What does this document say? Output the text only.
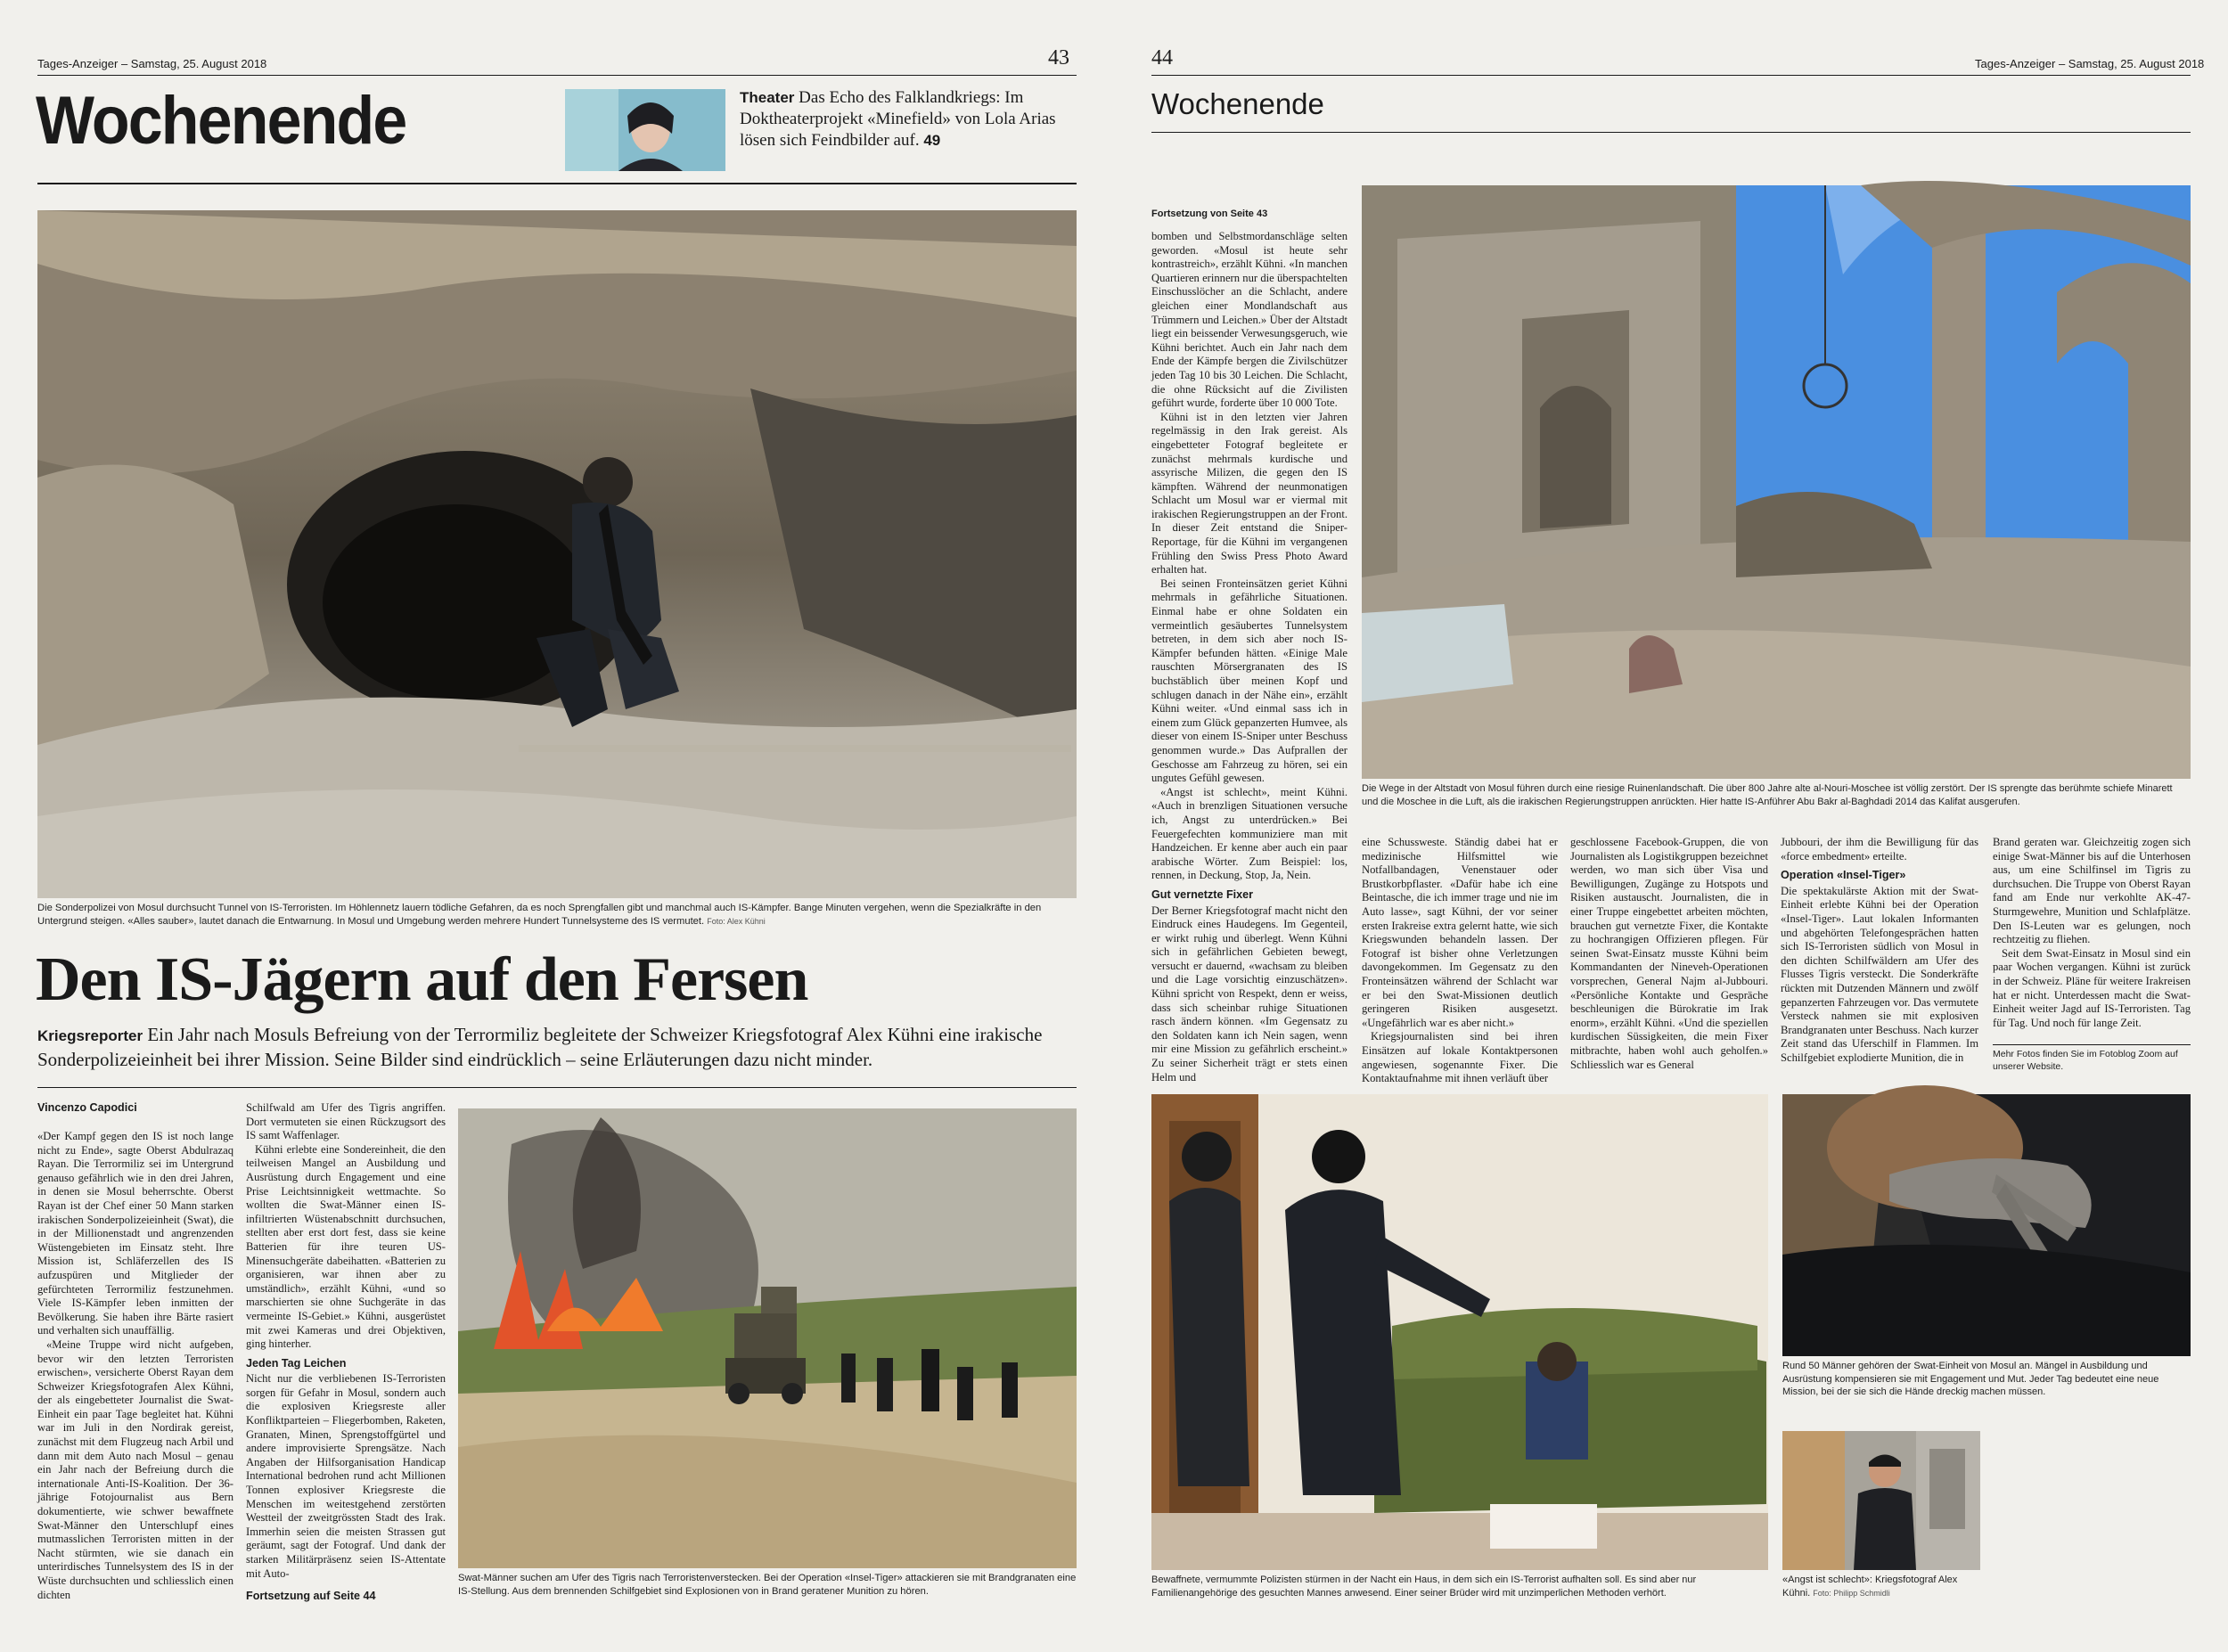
Tages-Anzeiger – Samstag, 25. August 2018	43
Wochenende	Theater Das Echo des Falklandkriegs: Im Doktheaterprojekt «Minefield» von Lola Arias lösen sich Feindbilder auf. 49
Die Sonderpolizei von Mosul durchsucht Tunnel von IS-Terroristen. Im Höhlennetz lauern tödliche Gefahren, da es noch Sprengfallen gibt und manchmal auch IS-Kämpfer. Bange Minuten vergehen, wenn die Spezialkräfte in den Untergrund steigen. «Alles sauber», lautet danach die Entwarnung. In Mosul und Umgebung werden mehrere Hundert Tunnelsysteme des IS vermutet. Foto: Alex Kühni
Den IS-Jägern auf den Fersen
Kriegsreporter Ein Jahr nach Mosuls Befreiung von der Terrormiliz begleitete der Schweizer Kriegsfotograf Alex Kühni eine irakische Sonderpolizeieinheit bei ihrer Mission. Seine Bilder sind eindrücklich – seine Erläuterungen dazu nicht minder.
Vincenzo Capodici

«Der Kampf gegen den IS ist noch lange nicht zu Ende», sagte Oberst Abdulrazaq Rayan. Die Terrormiliz sei im Untergrund genauso gefährlich wie in den drei Jahren, in denen sie Mosul beherrschte. Oberst Rayan ist der Chef einer 50 Mann starken irakischen Sonderpolizeieinheit (Swat), die in der Millionenstadt und angrenzenden Wüstengebieten im Einsatz steht. Ihre Mission ist, Schläferzellen des IS aufzuspüren und Mitglieder der gefürchteten Terrormiliz festzunehmen. Viele IS-Kämpfer leben inmitten der Bevölkerung. Sie haben ihre Bärte rasiert und verhalten sich unauffällig.

«Meine Truppe wird nicht aufgeben, bevor wir den letzten Terroristen erwischen», versicherte Oberst Rayan dem Schweizer Kriegsfotografen Alex Kühni, der als eingebetteter Journalist die Swat-Einheit ein paar Tage begleitet hat. Kühni war im Juli in den Nordirak gereist, zunächst mit dem Flugzeug nach Arbil und dann mit dem Auto nach Mosul – genau ein Jahr nach der Befreiung durch die internationale Anti-IS-Koalition. Der 36-jährige Fotojournalist aus Bern dokumentierte, wie schwer bewaffnete Swat-Männer den Unterschlupf eines mutmasslichen Terroristen mitten in der Nacht stürmten, wie sie danach ein unterirdisches Tunnelsystem des IS in der Wüste durchsuchten und schliesslich einen dichten

Schilfwald am Ufer des Tigris angriffen. Dort vermuteten sie einen Rückzugsort des IS samt Waffenlager.

Kühni erlebte eine Sondereinheit, die den teilweisen Mangel an Ausbildung und Ausrüstung durch Engagement und eine Prise Leichtsinnigkeit wettmachte. So wollten die Swat-Männer einen IS-infiltrierten Wüstenabschnitt durchsuchen, stellten aber erst dort fest, dass sie keine Batterien für ihre teuren US-Minensuchgeräte dabeihatten. «Batterien zu organisieren, war ihnen aber zu umständlich», erzählt Kühni, «und so marschierten sie ohne Suchgeräte in das vermeinte IS-Gebiet.» Kühni, ausgerüstet mit zwei Kameras und drei Objektiven, ging hinterher.

Jeden Tag Leichen

Nicht nur die verbliebenen IS-Terroristen sorgen für Gefahr in Mosul, sondern auch die explosiven Kriegsreste aller Konfliktparteien – Fliegerbomben, Raketen, Granaten, Minen, Sprengstoffgürtel und andere improvisierte Sprengsätze. Nach Angaben der Hilfsorganisation Handicap International bedrohen rund acht Millionen Tonnen explosiver Kriegsreste die Menschen im weitestgehend zerstörten Westteil der zweitgrössten Stadt des Irak. Immerhin seien die meisten Strassen gut geräumt, sagt der Fotograf. Und dank der starken Militärpräsenz seien IS-Attentate mit Auto-

Fortsetzung auf Seite 44
Swat-Männer suchen am Ufer des Tigris nach Terroristenverstecken. Bei der Operation «Insel-Tiger» attackieren sie mit Brandgranaten eine IS-Stellung. Aus dem brennenden Schilfgebiet sind Explosionen von in Brand geratener Munition zu hören.
44	Tages-Anzeiger – Samstag, 25. August 2018
Wochenende
Fortsetzung von Seite 43

bomben und Selbstmordanschläge selten geworden. «Mosul ist heute sehr kontrastreich», erzählt Kühni. «In manchen Quartieren erinnern nur die überspachtelten Einschusslöcher an die Schlacht, andere gleichen einer Mondlandschaft aus Trümmern und Leichen.» Über der Altstadt liegt ein beissender Verwesungsgeruch, wie Kühni berichtet. Auch ein Jahr nach dem Ende der Kämpfe bergen die Zivilschützer jeden Tag 10 bis 30 Leichen. Die Schlacht, die ohne Rücksicht auf die Zivilisten geführt wurde, forderte über 10 000 Tote.

Kühni ist in den letzten vier Jahren regelmässig in den Irak gereist. Als eingebetteter Fotograf begleitete er zunächst mehrmals kurdische und assyrische Milizen, die gegen den IS kämpften. Während der neunmonatigen Schlacht um Mosul war er viermal mit irakischen Regierungstruppen an der Front. In dieser Zeit entstand die Sniper-Reportage, für die Kühni im vergangenen Frühling den Swiss Press Photo Award erhalten hat.

Bei seinen Fronteinsätzen geriet Kühni mehrmals in gefährliche Situationen. Einmal habe er ohne Soldaten ein vermeintlich gesäubertes Tunnelsystem betreten, in dem sich aber noch IS-Kämpfer befunden hätten. «Einige Male rauschten Mörsergranaten des IS buchstäblich über meinen Kopf und schlugen danach in der Nähe ein», erzählt Kühni weiter. «Und einmal sass ich in einem zum Glück gepanzerten Humvee, als dieser von einem IS-Sniper unter Beschuss genommen wurde.» Das Aufprallen der Geschosse am Fahrzeug zu hören, sei ein ungutes Gefühl gewesen.

«Angst ist schlecht», meint Kühni. «Auch in brenzligen Situationen versuche ich, Angst zu unterdrücken.» Bei Feuergefechten kommuniziere man mit Handzeichen. Er kenne aber auch ein paar arabische Wörter. Zum Beispiel: los, rennen, in Deckung, Stop, Ja, Nein.

Gut vernetzte Fixer

Der Berner Kriegsfotograf macht nicht den Eindruck eines Haudegens. Im Gegenteil, er wirkt ruhig und überlegt. Wenn Kühni sich in gefährlichen Gebieten bewegt, versucht er dauernd, «wachsam zu bleiben und die Lage vorsichtig einzuschätzen». Kühni spricht von Respekt, denn er weiss, dass sich scheinbar ruhige Situationen rasch ändern können. «Im Gegensatz zu den Soldaten kann ich Nein sagen, wenn mir eine Mission zu gefährlich erscheint.» Zu seiner Sicherheit trägt er stets einen Helm und

Die Wege in der Altstadt von Mosul führen durch eine riesige Ruinenlandschaft. Die über 800 Jahre alte al-Nouri-Moschee ist völlig zerstört. Der IS sprengte das berühmte schiefe Minarett und die Moschee in die Luft, als die irakischen Regierungstruppen anrückten. Hier hatte IS-Anführer Abu Bakr al-Baghdadi 2014 das Kalifat ausgerufen.

eine Schussweste. Ständig dabei hat er medizinische Hilfsmittel wie Notfallbandagen, Venenstauer oder Brustkorbpflaster. «Dafür habe ich eine Beintasche, die ich immer trage und nie im Auto lasse», sagt Kühni, der vor seiner ersten Irakreise extra gelernt hatte, wie sich Kriegswunden behandeln lassen. Der Fotograf ist bisher ohne Verletzungen davongekommen. Im Gegensatz zu den Fronteinsätzen während der Schlacht war er bei den Swat-Missionen deutlich geringeren Risiken ausgesetzt. «Ungefährlich war es aber nicht.»

Kriegsjournalisten sind bei ihren Einsätzen auf lokale Kontaktpersonen angewiesen, sogenannte Fixer. Die Kontaktaufnahme mit ihnen verläuft über

geschlossene Facebook-Gruppen, die von Journalisten als Logistikgruppen bezeichnet werden, wo man sich über Visa und Bewilligungen, Zugänge zu Hotspots und Risiken austauscht. Journalisten, die in einer Truppe eingebettet arbeiten möchten, brauchen gut vernetzte Fixer, die Kontakte zu hochrangigen Offizieren pflegen. Für seinen Swat-Einsatz musste Kühni beim Kommandanten der Nineveh-Operationen vorsprechen, General Najm al-Jubbouri. «Persönliche Kontakte und Gespräche beschleunigen die Bürokratie im Irak enorm», erzählt Kühni. «Und die speziellen kurdischen Süssigkeiten, die mein Fixer mitbrachte, haben wohl auch geholfen.» Schliesslich war es General

Jubbouri, der ihm die Bewilligung für das «force embedment» erteilte.

Operation «Insel-Tiger»

Die spektakulärste Aktion mit der Swat-Einheit erlebte Kühni bei der Operation «Insel-Tiger». Laut lokalen Informanten und abgehörten Telefongesprächen hatten sich IS-Terroristen südlich von Mosul in den dichten Schilfwäldern am Ufer des Flusses Tigris versteckt. Die Sonderkräfte rückten mit Dutzenden Männern und zwölf gepanzerten Fahrzeugen vor. Das vermutete Versteck nahmen sie mit explosiven Brandgranaten unter Beschuss. Nach kurzer Zeit stand das Uferschilf in Flammen. Im Schilfgebiet explodierte Munition, die in

Brand geraten war. Gleichzeitig zogen sich einige Swat-Männer bis auf die Unterhosen aus, um eine Schilfinsel im Tigris zu durchsuchen. Die Truppe von Oberst Rayan fand am Ende nur verkohlte AK-47-Sturmgewehre, Munition und Schlafplätze. Den IS-Leuten war es gelungen, noch rechtzeitig zu fliehen.

Seit dem Swat-Einsatz in Mosul sind ein paar Wochen vergangen. Kühni ist zurück in der Schweiz. Pläne für weitere Irakreisen hat er nicht. Unterdessen macht die Swat-Einheit weiter Jagd auf IS-Terroristen. Tag für Tag. Und noch für lange Zeit.

Mehr Fotos finden Sie im Fotoblog Zoom auf unserer Website.
Bewaffnete, vermummte Polizisten stürmen in der Nacht ein Haus, in dem sich ein IS-Terrorist aufhalten soll. Es sind aber nur Familienangehörige des gesuchten Mannes anwesend. Einer seiner Brüder wird mit unzimperlichen Methoden verhört.
Rund 50 Männer gehören der Swat-Einheit von Mosul an. Mängel in Ausbildung und Ausrüstung kompensieren sie mit Engagement und Mut. Jeder Tag bedeutet eine neue Mission, bei der sie sich die Hände dreckig machen müssen.
«Angst ist schlecht»: Kriegsfotograf Alex Kühni. Foto: Philipp Schmidli
